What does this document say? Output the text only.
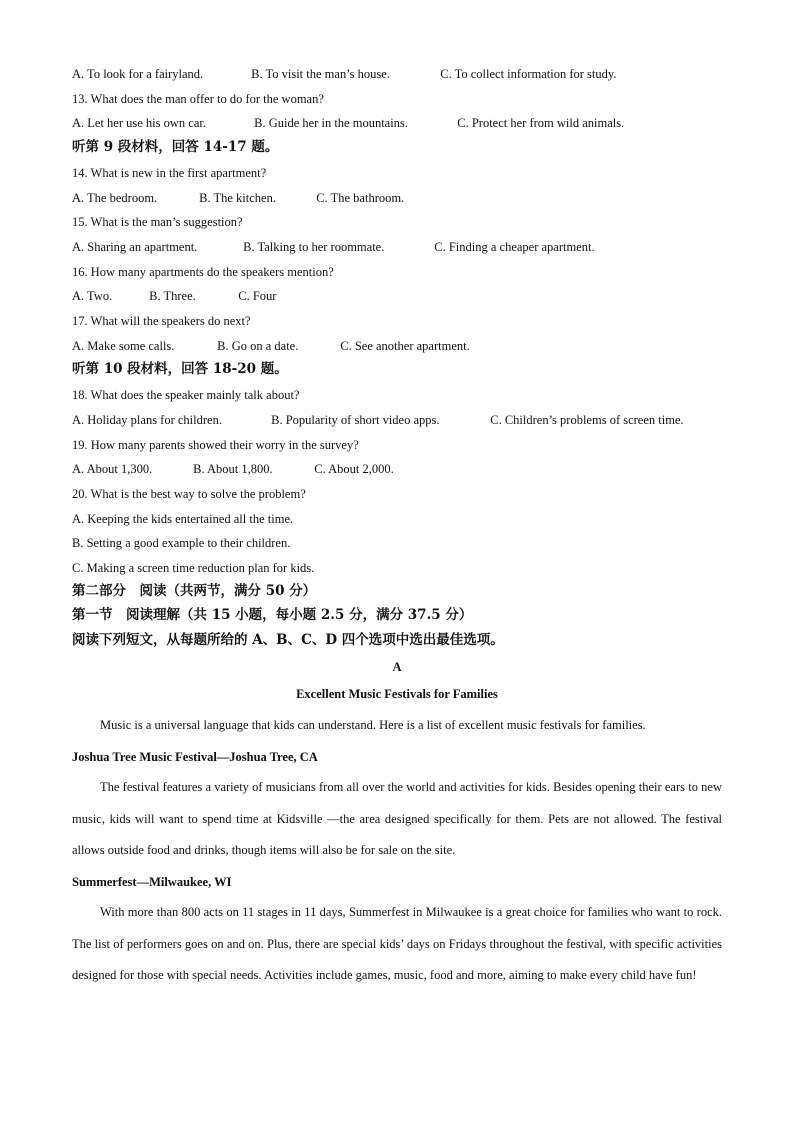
A. To look for a fairyland.	B. To visit the man’s house.	C. To collect information for study.
13. What does the man offer to do for the woman?
A. Let her use his own car.	B. Guide her in the mountains.	C. Protect her from wild animals.
听第 9 段材料，回答 14-17 题。
14. What is new in the first apartment?
A. The bedroom.	B. The kitchen.	C. The bathroom.
15. What is the man’s suggestion?
A. Sharing an apartment.	B. Talking to her roommate.	C. Finding a cheaper apartment.
16. How many apartments do the speakers mention?
A. Two.	B. Three.	C. Four
17. What will the speakers do next?
A. Make some calls.	B. Go on a date.	C. See another apartment.
听第 10 段材料，回答 18-20 题。
18. What does the speaker mainly talk about?
A. Holiday plans for children.	B. Popularity of short video apps.	C. Children’s problems of screen time.
19. How many parents showed their worry in the survey?
A. About 1,300.	B. About 1,800.	C. About 2,000.
20. What is the best way to solve the problem?
A. Keeping the kids entertained all the time.
B. Setting a good example to their children.
C. Making a screen time reduction plan for kids.
第二部分　阅读（共两节，满分 50 分）
第一节　阅读理解（共 15 小题，每小题 2.5 分，满分 37.5 分）
阅读下列短文，从每题所给的 A、B、C、D 四个选项中选出最佳选项。
A
Excellent Music Festivals for Families

Music is a universal language that kids can understand. Here is a list of excellent music festivals for families.

Joshua Tree Music Festival—Joshua Tree, CA

The festival features a variety of musicians from all over the world and activities for kids. Besides opening their ears to new music, kids will want to spend time at Kidsville —the area designed specifically for them. Pets are not allowed. The festival allows outside food and drinks, though items will also be for sale on the site.

Summerfest—Milwaukee, WI

With more than 800 acts on 11 stages in 11 days, Summerfest in Milwaukee is a great choice for families who want to rock. The list of performers goes on and on. Plus, there are special kids’ days on Fridays throughout the festival, with specific activities designed for those with special needs. Activities include games, music, food and more, aiming to make every child have fun!
